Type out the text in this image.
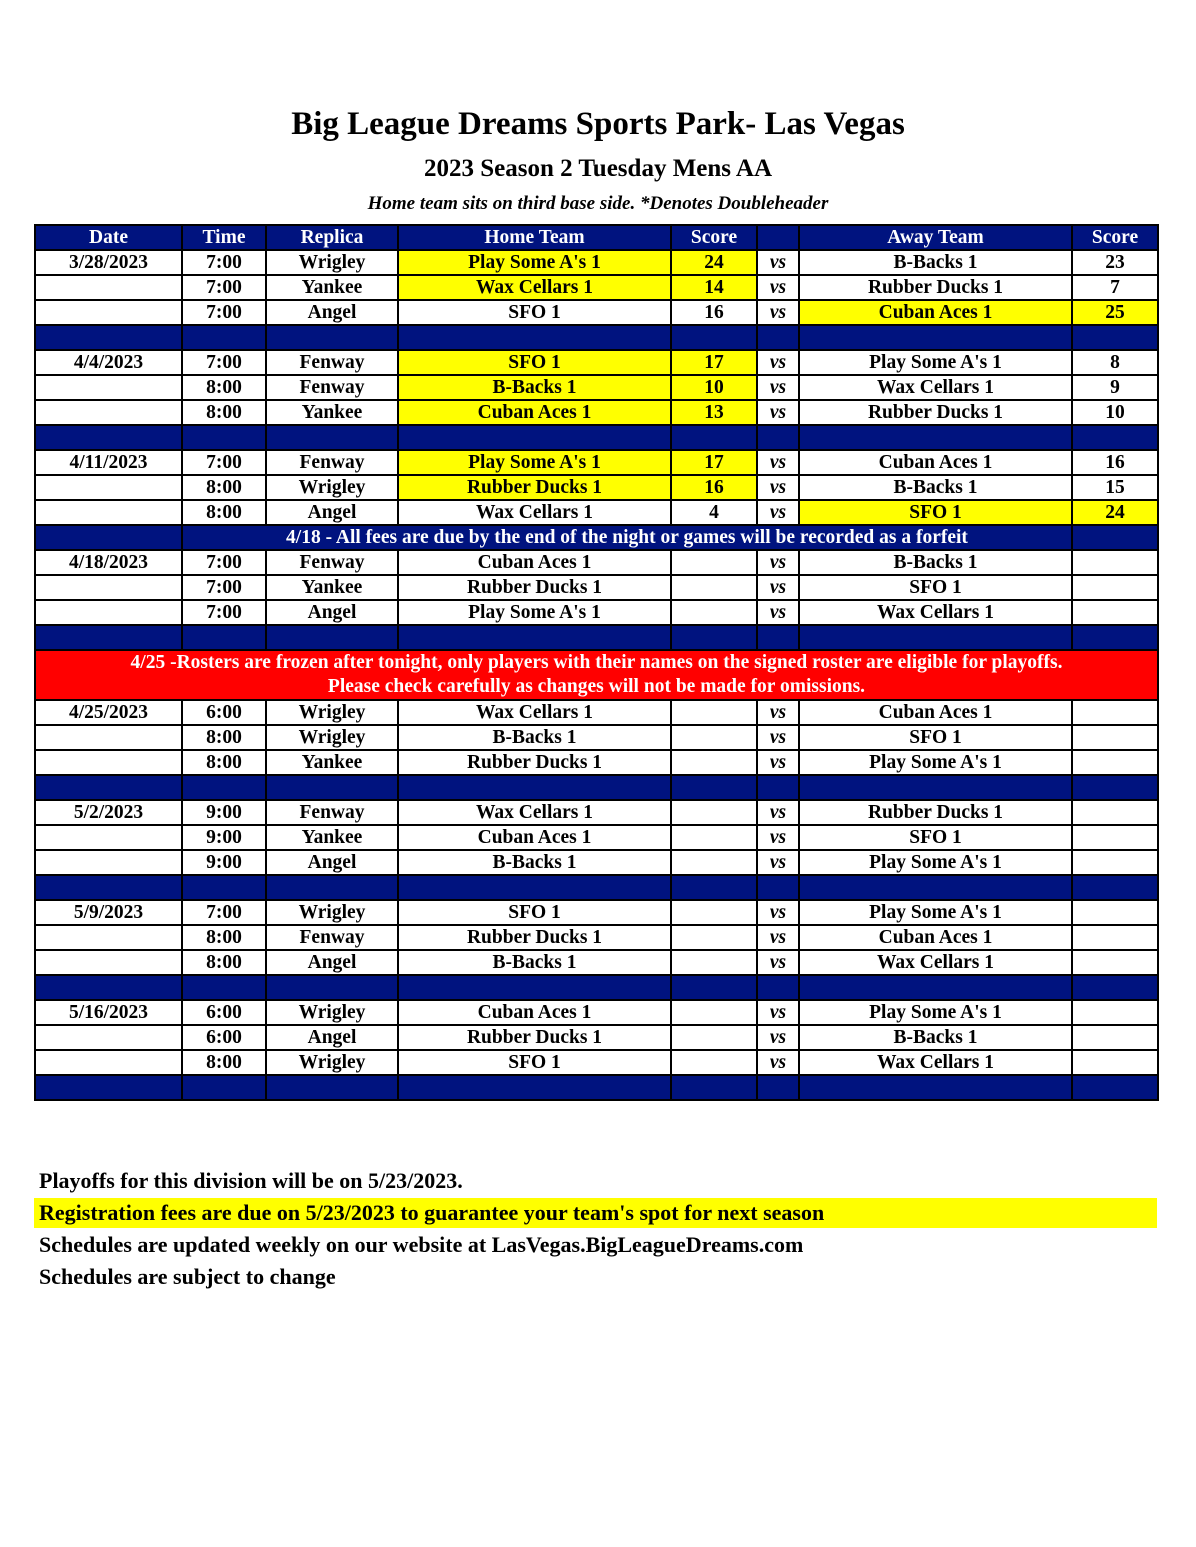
Big League Dreams Sports Park- Las Vegas
2023 Season 2 Tuesday Mens AA
Home team sits on third base side. *Denotes Doubleheader
Date	Time	Replica	Home Team	Score		Away Team	Score
3/28/2023	7:00	Wrigley	Play Some A's 1	24	vs	B-Backs 1	23
	7:00	Yankee	Wax Cellars 1	14	vs	Rubber Ducks 1	7
	7:00	Angel	SFO 1	16	vs	Cuban Aces 1	25

4/4/2023	7:00	Fenway	SFO 1	17	vs	Play Some A's 1	8
	8:00	Fenway	B-Backs 1	10	vs	Wax Cellars 1	9
	8:00	Yankee	Cuban Aces 1	13	vs	Rubber Ducks 1	10

4/11/2023	7:00	Fenway	Play Some A's 1	17	vs	Cuban Aces 1	16
	8:00	Wrigley	Rubber Ducks 1	16	vs	B-Backs 1	15
	8:00	Angel	Wax Cellars 1	4	vs	SFO 1	24
	4/18 - All fees are due by the end of the night or games will be recorded as a forfeit						
4/18/2023	7:00	Fenway	Cuban Aces 1		vs	B-Backs 1	
	7:00	Yankee	Rubber Ducks 1		vs	SFO 1	
	7:00	Angel	Play Some A's 1		vs	Wax Cellars 1	

4/25 -Rosters are frozen after tonight, only players with their names on the signed roster are eligible for playoffs.
Please check carefully as changes will not be made for omissions.							

4/25/2023	6:00	Wrigley	Wax Cellars 1		vs	Cuban Aces 1	
	8:00	Wrigley	B-Backs 1		vs	SFO 1	
	8:00	Yankee	Rubber Ducks 1		vs	Play Some A's 1	

5/2/2023	9:00	Fenway	Wax Cellars 1		vs	Rubber Ducks 1	
	9:00	Yankee	Cuban Aces 1		vs	SFO 1	
	9:00	Angel	B-Backs 1		vs	Play Some A's 1	

5/9/2023	7:00	Wrigley	SFO 1		vs	Play Some A's 1	
	8:00	Fenway	Rubber Ducks 1		vs	Cuban Aces 1	
	8:00	Angel	B-Backs 1		vs	Wax Cellars 1	

5/16/2023	6:00	Wrigley	Cuban Aces 1		vs	Play Some A's 1	
	6:00	Angel	Rubber Ducks 1		vs	B-Backs 1	
	8:00	Wrigley	SFO 1		vs	Wax Cellars 1	

Playoffs for this division will be on 5/23/2023.
Registration fees are due on 5/23/2023 to guarantee your team's spot for next season
Schedules are updated weekly on our website at LasVegas.BigLeagueDreams.com
Schedules are subject to change
